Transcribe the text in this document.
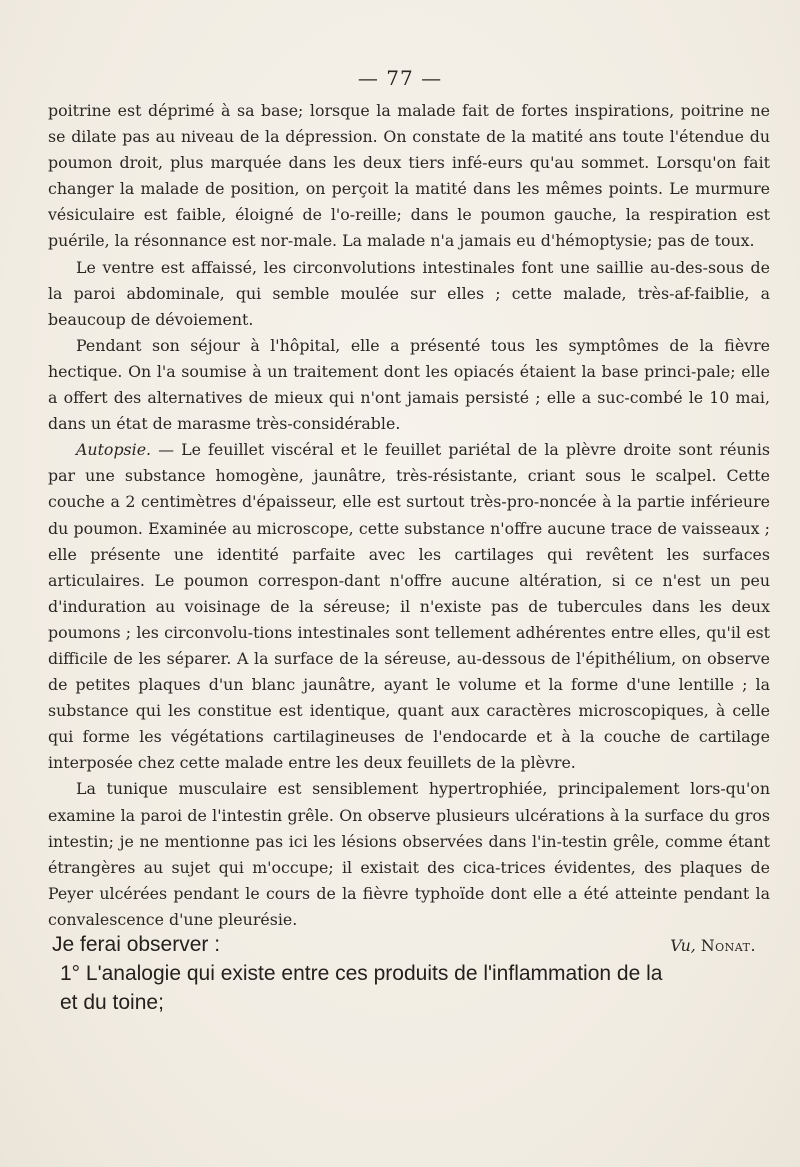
— 77 —

poitrine est déprimé à sa base; lorsque la malade fait de fortes inspirations, poitrine ne se dilate pas au niveau de la dépression. On constate de la matité ans toute l'étendue du poumon droit, plus marquée dans les deux tiers infé-eurs qu'au sommet. Lorsqu'on fait changer la malade de position, on perçoit la matité dans les mêmes points. Le murmure vésiculaire est faible, éloigné de l'o-reille; dans le poumon gauche, la respiration est puérile, la résonnance est nor-male. La malade n'a jamais eu d'hémoptysie; pas de toux.

Le ventre est affaissé, les circonvolutions intestinales font une saillie au-des-sous de la paroi abdominale, qui semble moulée sur elles ; cette malade, très-af-faiblie, a beaucoup de dévoiement.

Pendant son séjour à l'hôpital, elle a présenté tous les symptômes de la fièvre hectique. On l'a soumise à un traitement dont les opiacés étaient la base princi-pale; elle a offert des alternatives de mieux qui n'ont jamais persisté ; elle a suc-combé le 10 mai, dans un état de marasme très-considérable.

Autopsie. — Le feuillet viscéral et le feuillet pariétal de la plèvre droite sont réunis par une substance homogène, jaunâtre, très-résistante, criant sous le scalpel. Cette couche a 2 centimètres d'épaisseur, elle est surtout très-pro-noncée à la partie inférieure du poumon. Examinée au microscope, cette substance n'offre aucune trace de vaisseaux ; elle présente une identité parfaite avec les cartilages qui revêtent les surfaces articulaires. Le poumon correspon-dant n'offre aucune altération, si ce n'est un peu d'induration au voisinage de la séreuse; il n'existe pas de tubercules dans les deux poumons ; les circonvolu-tions intestinales sont tellement adhérentes entre elles, qu'il est difficile de les séparer. A la surface de la séreuse, au-dessous de l'épithélium, on observe de petites plaques d'un blanc jaunâtre, ayant le volume et la forme d'une lentille ; la substance qui les constitue est identique, quant aux caractères microscopiques, à celle qui forme les végétations cartilagineuses de l'endocarde et à la couche de cartilage interposée chez cette malade entre les deux feuillets de la plèvre.

La tunique musculaire est sensiblement hypertrophiée, principalement lors-qu'on examine la paroi de l'intestin grêle. On observe plusieurs ulcérations à la surface du gros intestin; je ne mentionne pas ici les lésions observées dans l'in-testin grêle, comme étant étrangères au sujet qui m'occupe; il existait des cica-trices évidentes, des plaques de Peyer ulcérées pendant le cours de la fièvre typhoïde dont elle a été atteinte pendant la convalescence d'une pleurésie.

Vu, Nonat.

Je ferai observer :

1° L'analogie qui existe entre ces produits de l'inflammation de la

et du toine;
